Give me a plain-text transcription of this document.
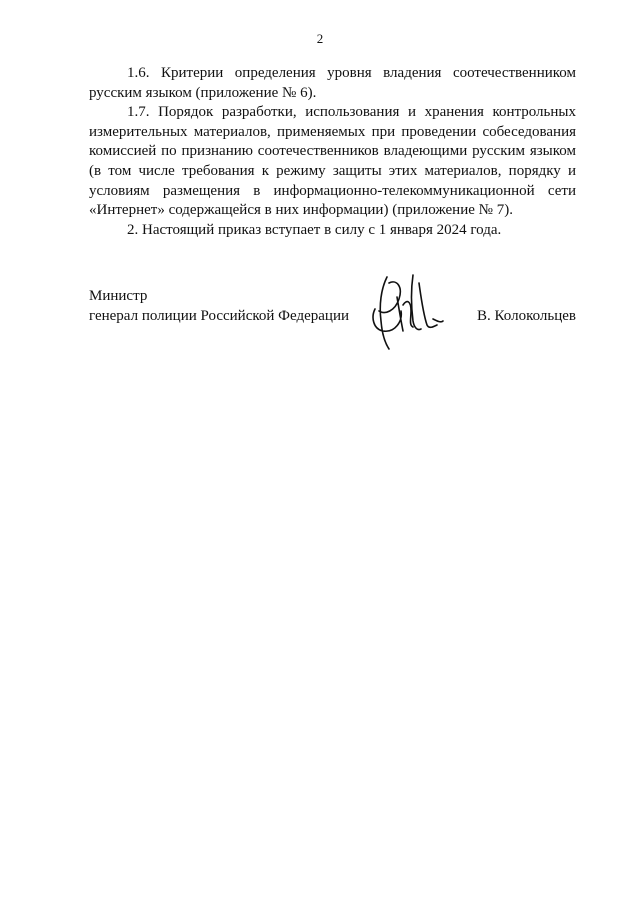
2

1.6. Критерии определения уровня владения соотечественником русским языком (приложение № 6).

1.7. Порядок разработки, использования и хранения контрольных измерительных материалов, применяемых при проведении собеседования комиссией по признанию соотечественников владеющими русским языком (в том числе требования к режиму защиты этих материалов, порядку и условиям размещения в информационно-телекоммуникационной сети «Интернет» содержащейся в них информации) (приложение № 7).

2. Настоящий приказ вступает в силу с 1 января 2024 года.

Министр
генерал полиции Российской Федерации	В. Колокольцев
